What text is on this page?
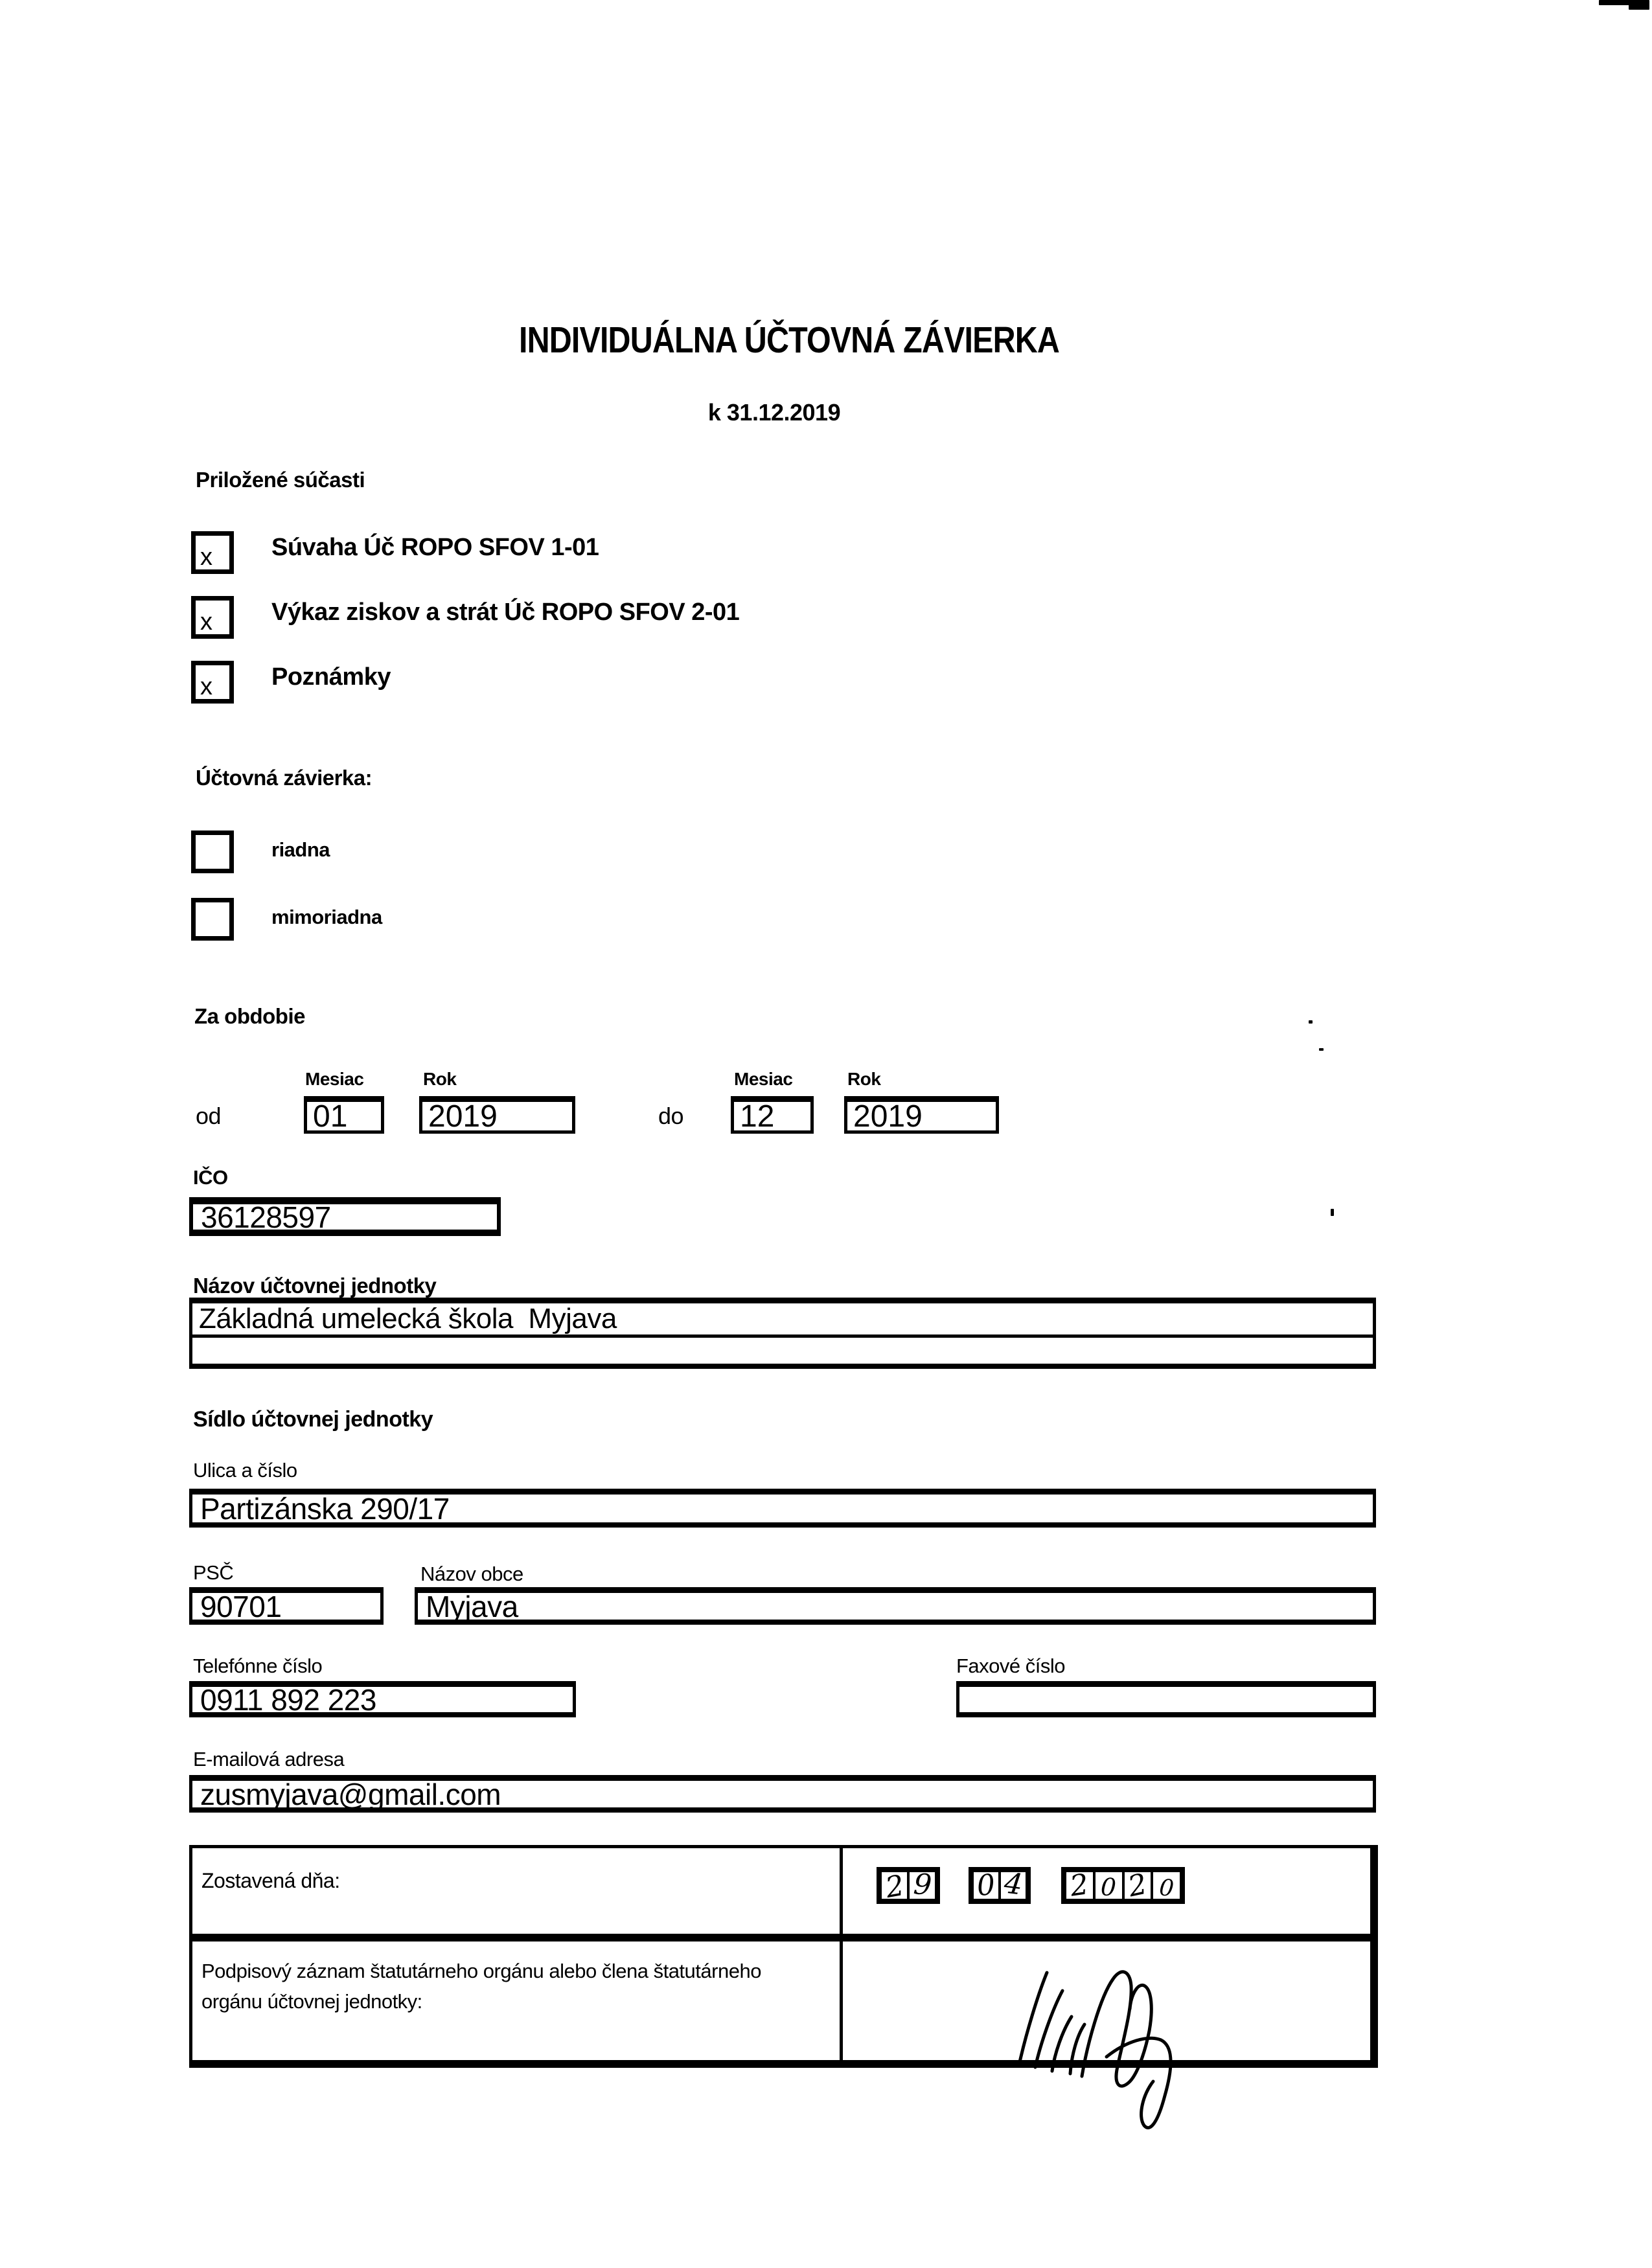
INDIVIDUÁLNA ÚČTOVNÁ ZÁVIERKA
k 31.12.2019
Priložené súčasti
x Súvaha Úč ROPO SFOV 1-01
x Výkaz ziskov a strát Úč ROPO SFOV 2-01
x Poznámky
Účtovná závierka:
riadna
mimoriadna
Za obdobie
Mesiac	Rok	Mesiac	Rok
od	01	2019	do 12	2019
IČO
36128597
Názov účtovnej jednotky
Základná umelecká škola  Myjava
Sídlo účtovnej jednotky
Ulica a číslo
Partizánska 290/17
PSČ	Názov obce
90701	Myjava
Telefónne číslo	Faxové číslo
0911 892 223
E-mailová adresa
zusmyjava@gmail.com
Zostavená dňa:	2 9 0 4 2 0 2 0
Podpisový záznam štatutárneho orgánu alebo člena štatutárneho
orgánu účtovnej jednotky:
